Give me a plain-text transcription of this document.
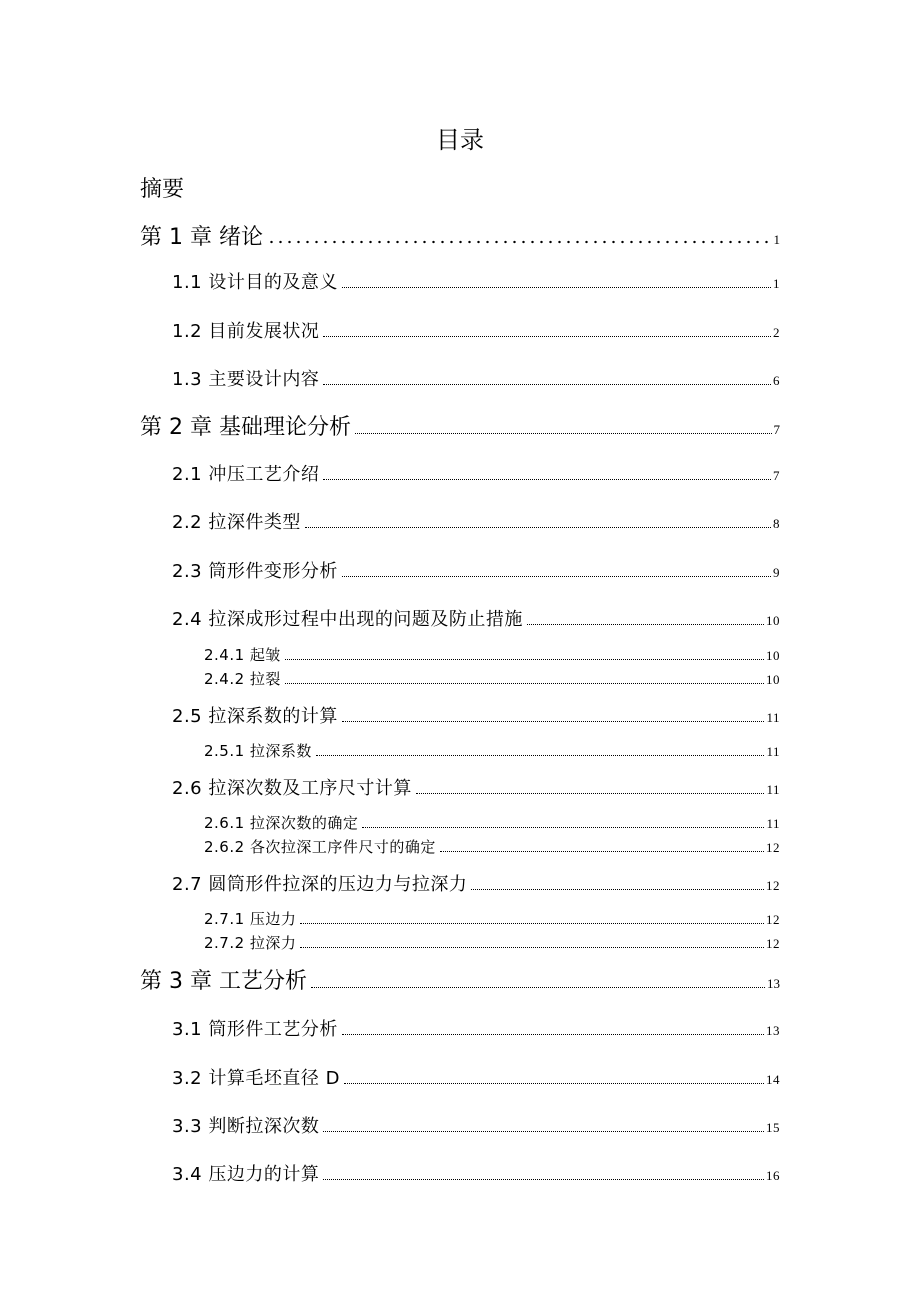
目录
摘要
第 1 章 绪论	1
1.1 设计目的及意义	1
1.2 目前发展状况	2
1.3 主要设计内容	6
第 2 章 基础理论分析	7
2.1 冲压工艺介绍	7
2.2 拉深件类型	8
2.3 筒形件变形分析	9
2.4 拉深成形过程中出现的问题及防止措施	10
2.4.1 起皱	10
2.4.2 拉裂	10
2.5 拉深系数的计算	11
2.5.1 拉深系数	11
2.6 拉深次数及工序尺寸计算	11
2.6.1 拉深次数的确定	11
2.6.2 各次拉深工序件尺寸的确定	12
2.7 圆筒形件拉深的压边力与拉深力	12
2.7.1 压边力	12
2.7.2 拉深力	12
第 3 章 工艺分析	13
3.1 筒形件工艺分析	13
3.2 计算毛坯直径 D	14
3.3 判断拉深次数	15
3.4 压边力的计算	16
